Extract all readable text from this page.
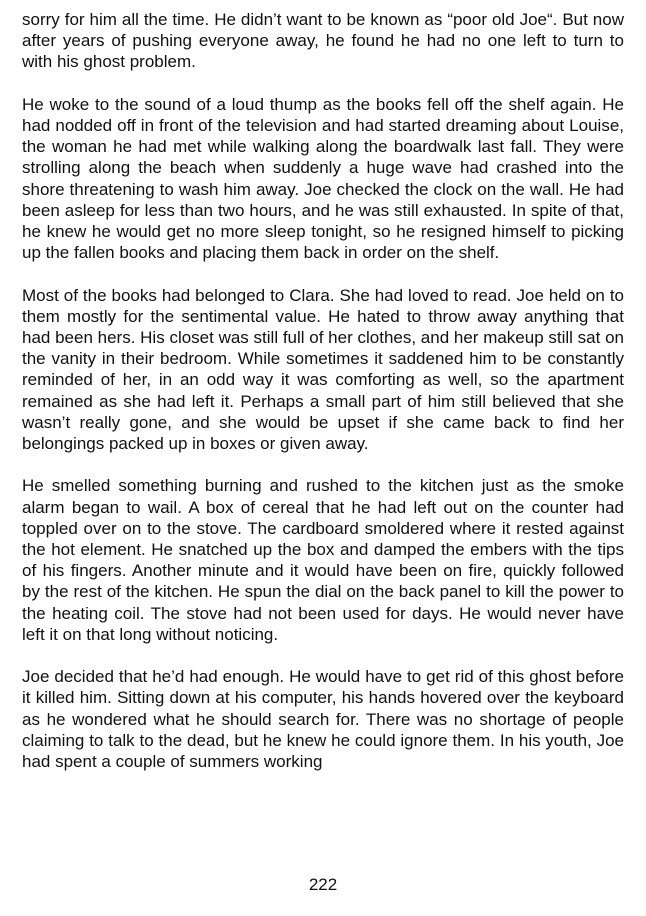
sorry for him all the time. He didn’t want to be known as “poor old Joe“. But now after years of pushing everyone away, he found he had no one left to turn to with his ghost problem.

He woke to the sound of a loud thump as the books fell off the shelf again. He had nodded off in front of the television and had started dreaming about Louise, the woman he had met while walking along the boardwalk last fall. They were strolling along the beach when suddenly a huge wave had crashed into the shore threatening to wash him away. Joe checked the clock on the wall. He had been asleep for less than two hours, and he was still exhausted. In spite of that, he knew he would get no more sleep tonight, so he resigned himself to picking up the fallen books and placing them back in order on the shelf.

Most of the books had belonged to Clara. She had loved to read. Joe held on to them mostly for the sentimental value. He hated to throw away anything that had been hers. His closet was still full of her clothes, and her makeup still sat on the vanity in their bedroom. While sometimes it saddened him to be constantly reminded of her, in an odd way it was comforting as well, so the apartment remained as she had left it. Perhaps a small part of him still believed that she wasn’t really gone, and she would be upset if she came back to find her belongings packed up in boxes or given away.

He smelled something burning and rushed to the kitchen just as the smoke alarm began to wail. A box of cereal that he had left out on the counter had toppled over on to the stove. The cardboard smoldered where it rested against the hot element. He snatched up the box and damped the embers with the tips of his fingers. Another minute and it would have been on fire, quickly followed by the rest of the kitchen. He spun the dial on the back panel to kill the power to the heating coil. The stove had not been used for days. He would never have left it on that long without noticing.

Joe decided that he’d had enough. He would have to get rid of this ghost before it killed him. Sitting down at his computer, his hands hovered over the keyboard as he wondered what he should search for. There was no shortage of people claiming to talk to the dead, but he knew he could ignore them. In his youth, Joe had spent a couple of summers working

222
